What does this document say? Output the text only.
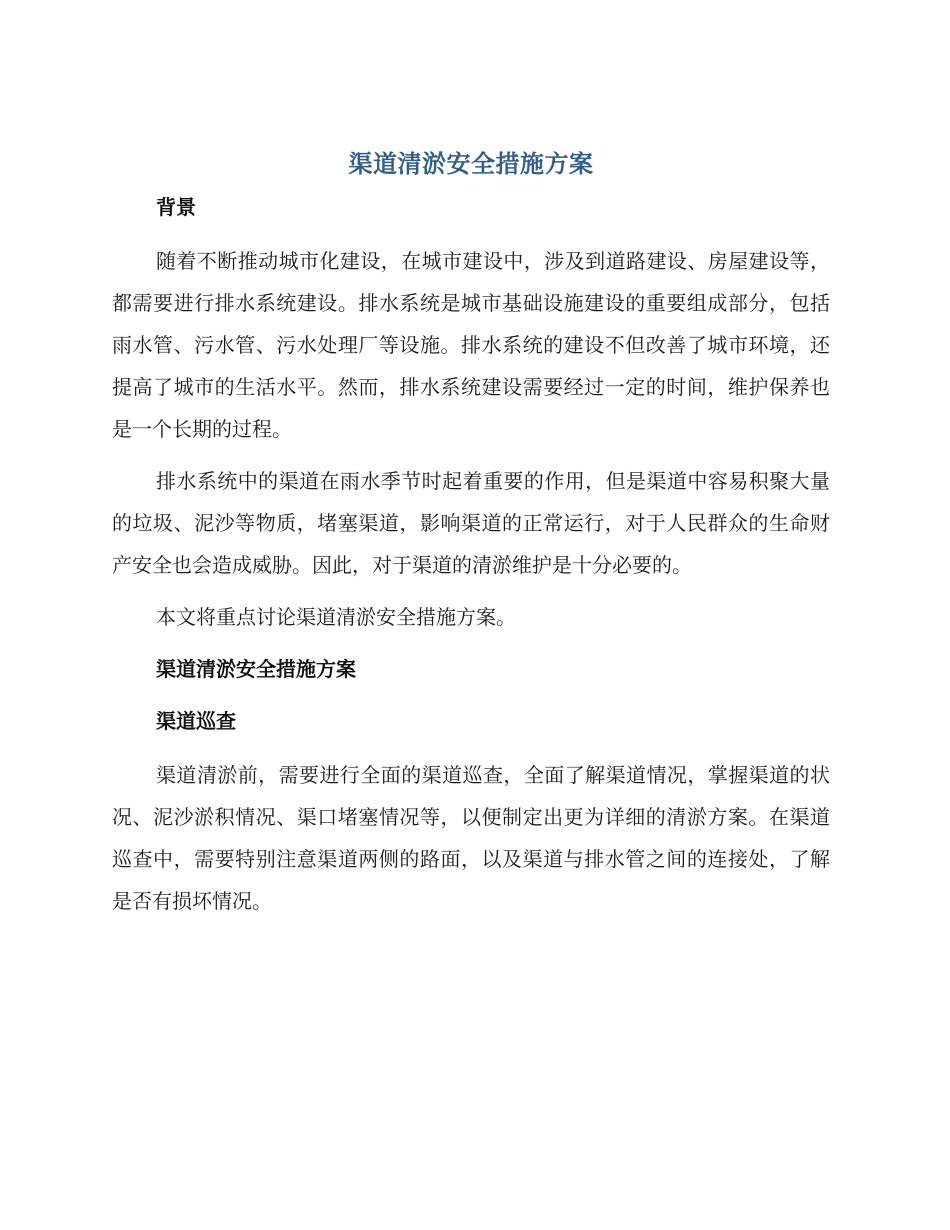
渠道清淤安全措施方案
背景

随着不断推动城市化建设，在城市建设中，涉及到道路建设、房屋建设等，都需要进行排水系统建设。排水系统是城市基础设施建设的重要组成部分，包括雨水管、污水管、污水处理厂等设施。排水系统的建设不但改善了城市环境，还提高了城市的生活水平。然而，排水系统建设需要经过一定的时间，维护保养也是一个长期的过程。

排水系统中的渠道在雨水季节时起着重要的作用，但是渠道中容易积聚大量的垃圾、泥沙等物质，堵塞渠道，影响渠道的正常运行，对于人民群众的生命财产安全也会造成威胁。因此，对于渠道的清淤维护是十分必要的。

本文将重点讨论渠道清淤安全措施方案。

渠道清淤安全措施方案
渠道巡查

渠道清淤前，需要进行全面的渠道巡查，全面了解渠道情况，掌握渠道的状况、泥沙淤积情况、渠口堵塞情况等，以便制定出更为详细的清淤方案。在渠道巡查中，需要特别注意渠道两侧的路面，以及渠道与排水管之间的连接处，了解是否有损坏情况。
